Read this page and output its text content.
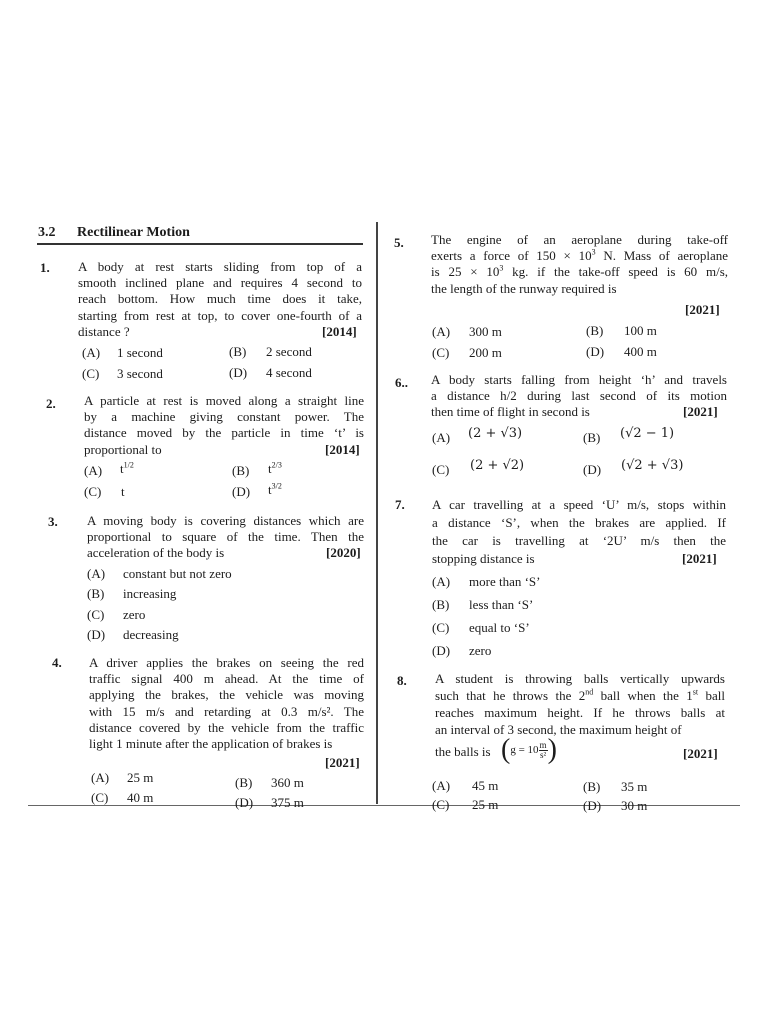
3.2 Rectilinear Motion
1. A body at rest starts sliding from top of a
smooth inclined plane and requires 4 second to
reach bottom. How much time does it take,
starting from rest at top, to cover one-fourth of a
distance ?	[2014]
(A) 1 second	(B) 2 second
(C) 3 second	(D) 4 second
2. A particle at rest is moved along a straight line
by a machine giving constant power. The
distance moved by the particle in time ‘t’ is
proportional to	[2014]
(A) $t^{1/2}$	(B) $t^{2/3}$
(C) t	(D) $t^{3/2}$
3. A moving body is covering distances which are
proportional to square of the time. Then the
acceleration of the body is	[2020]
(A) constant but not zero
(B) increasing
(C) zero
(D) decreasing
4. A driver applies the brakes on seeing the red
traffic signal 400 m ahead. At the time of
applying the brakes, the vehicle was moving
with 15 m/s and retarding at 0.3 m/s². The
distance covered by the vehicle from the traffic
light 1 minute after the application of brakes is
[2021]
(A) 25 m	(B) 360 m
(C) 40 m	(D) 375 m
5. The engine of an aeroplane during take-off
exerts a force of $150 \times 10^3$ N. Mass of aeroplane
is $25 \times 10^3$ kg. if the take-off speed is 60 m/s,
the length of the runway required is
[2021]
(A) 300 m	(B) 100 m
(C) 200 m	(D) 400 m
6.. A body starts falling from height ‘h’ and travels
a distance h/2 during last second of its motion
then time of flight in second is	[2021]
(A) (2 + √3)	(B) (√2 − 1)
(C) (2 + √2)	(D) (√2 + √3)
7. A car travelling at a speed ‘U’ m/s, stops within
a distance ‘S’, when the brakes are applied. If
the car is travelling at ‘2U’ m/s then the
stopping distance is	[2021]
(A) more than ‘S’
(B) less than ‘S’
(C) equal to ‘S’
(D) zero
8. A student is throwing balls vertically upwards
such that he throws the 2nd ball when the 1st ball
reaches maximum height. If he throws balls at
an interval of 3 second, the maximum height of
the balls is ($g = 10 \frac{m}{\text{s²}}$ )	[2021]
(A) 45 m	(B) 35 m
(C) 25 m	(D) 30 m
